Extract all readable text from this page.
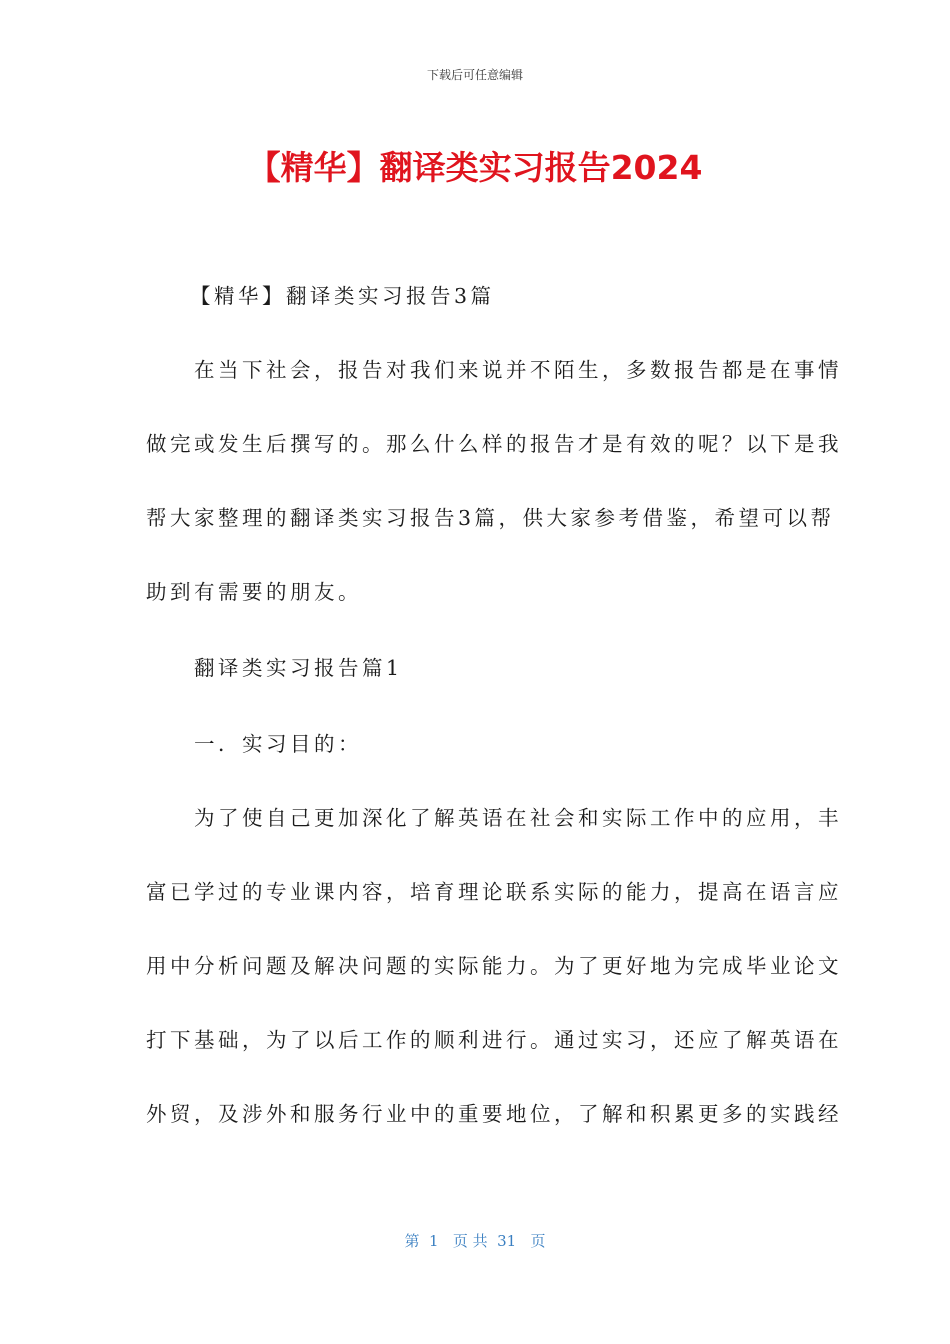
下载后可任意编辑
【精华】翻译类实习报告2024
【精华】翻译类实习报告3篇
　　在当下社会，报告对我们来说并不陌生，多数报告都是在事情
做完或发生后撰写的。那么什么样的报告才是有效的呢？以下是我
帮大家整理的翻译类实习报告3篇，供大家参考借鉴，希望可以帮
助到有需要的朋友。
　　翻译类实习报告篇1
　　一．实习目的：
　　为了使自己更加深化了解英语在社会和实际工作中的应用，丰
富已学过的专业课内容，培育理论联系实际的能力，提高在语言应
用中分析问题及解决问题的实际能力。为了更好地为完成毕业论文
打下基础，为了以后工作的顺利进行。通过实习，还应了解英语在
外贸，及涉外和服务行业中的重要地位，了解和积累更多的实践经
第  1   页 共  31   页
